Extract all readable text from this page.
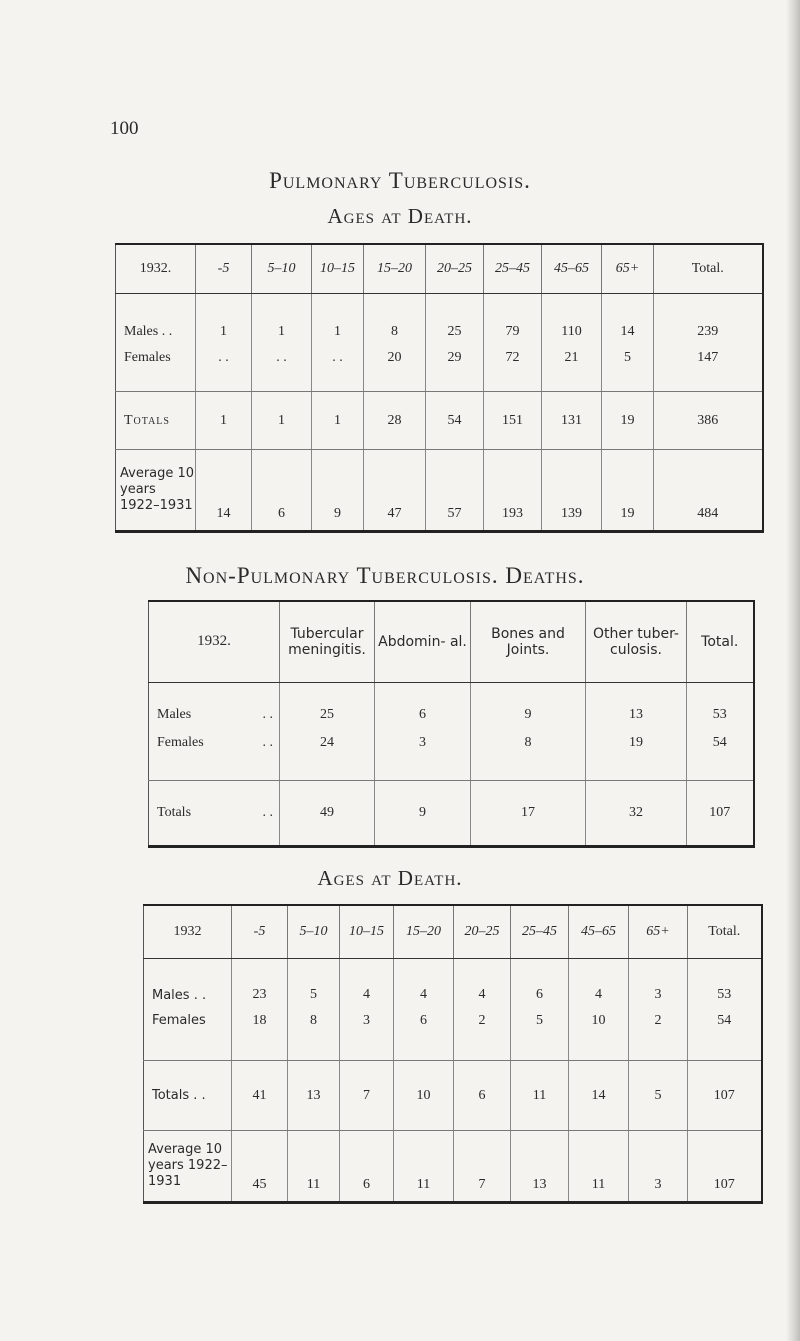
100
Pulmonary Tuberculosis.
Ages at Death.
1932.	-5	5–10	10–15	15–20	20–25	25–45	45–65	65+	Total.
Males . .	1	1	1	8	25	79	110	14	239
Females	. .	. .	. .	20	29	72	21	5	147
Totals	1	1	1	28	54	151	131	19	386
Average 10 years 1922–1931	14	6	9	47	57	193	139	19	484
Non-Pulmonary Tuberculosis. Deaths.
1932.	Tubercular meningitis.	Abdomin- al.	Bones and Joints.	Other tuber- culosis.	Total.
Males . .	25	6	9	13	53
Females . .	24	3	8	19	54
Totals . .	49	9	17	32	107
Ages at Death.
1932	-5	5–10	10–15	15–20	20–25	25–45	45–65	65+	Total.
Males . .	23	5	4	4	4	6	4	3	53
Females	18	8	3	6	2	5	10	2	54
Totals . .	41	13	7	10	6	11	14	5	107
Average 10 years 1922–1931	45	11	6	11	7	13	11	3	107
